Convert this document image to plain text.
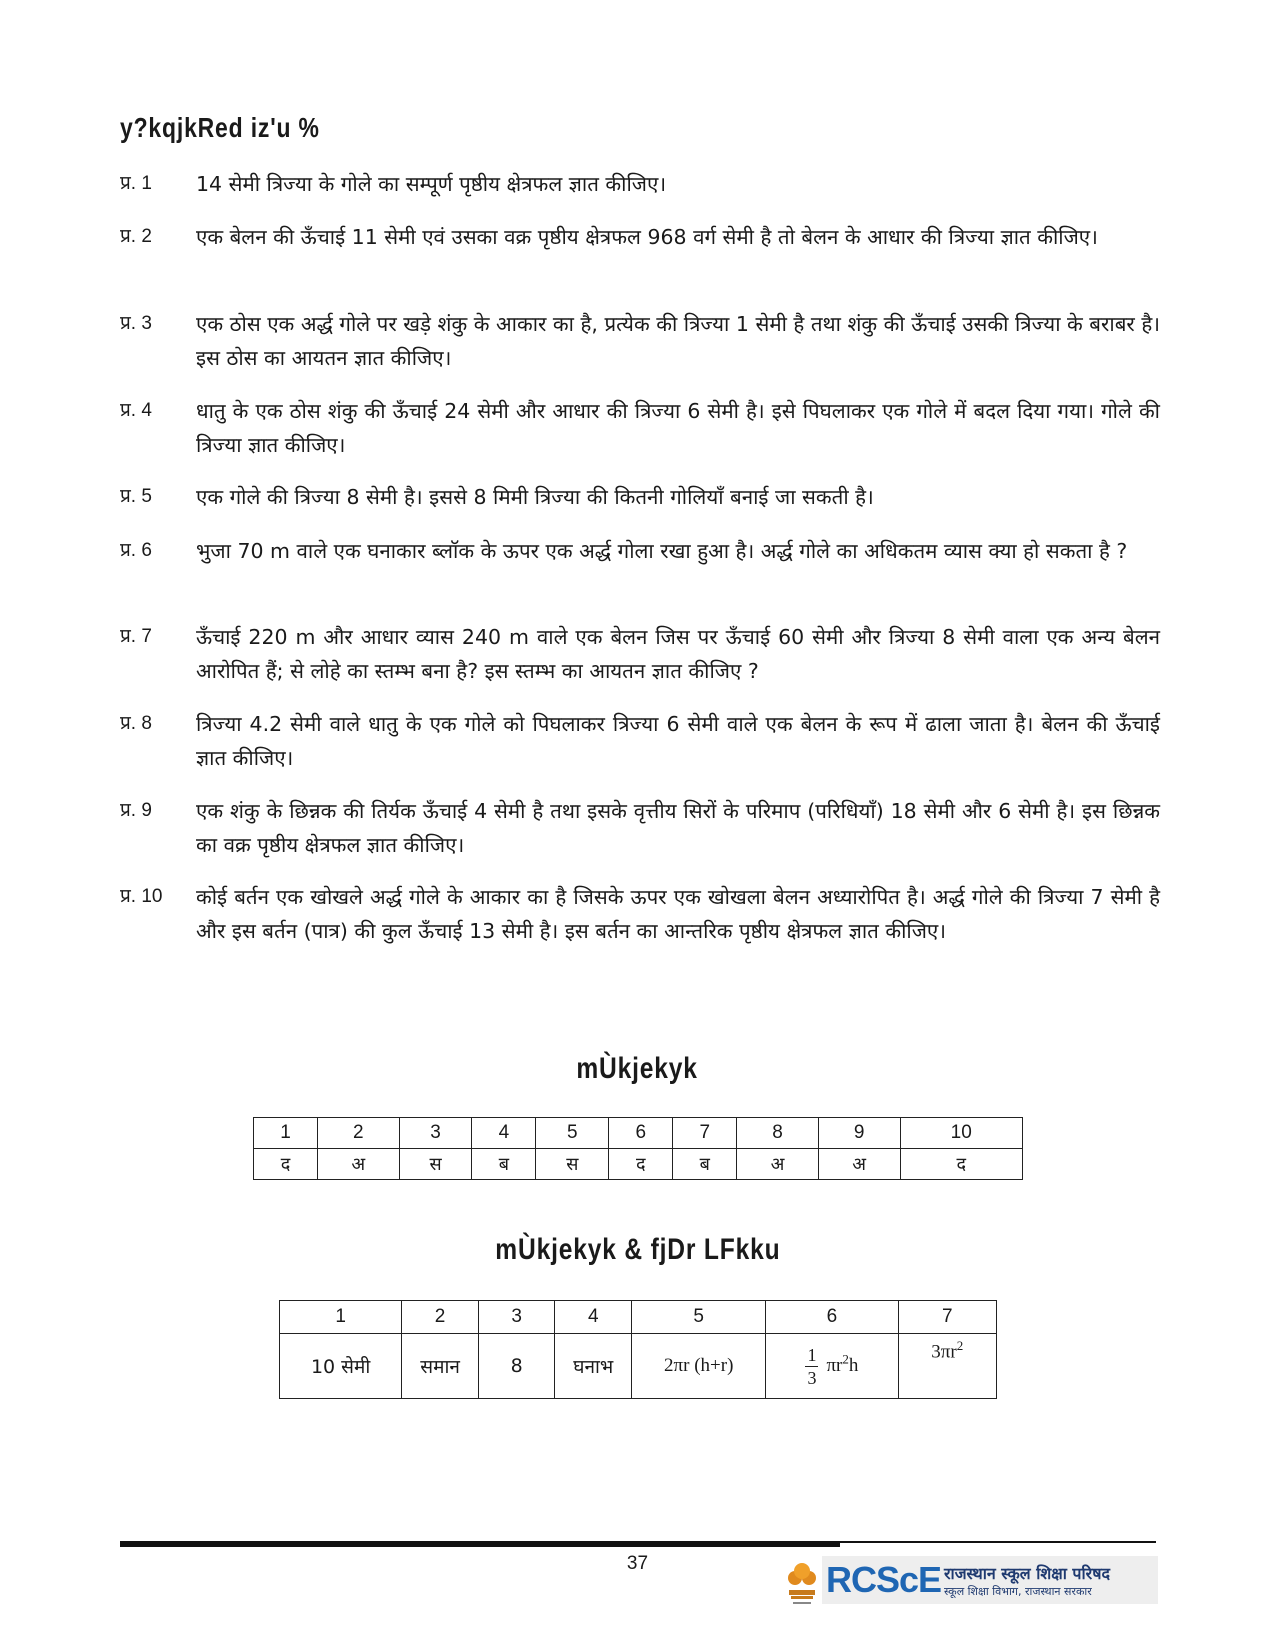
y?kqjkRed iz'u %
प्र. 1	14 सेमी त्रिज्या के गोले का सम्पूर्ण पृष्ठीय क्षेत्रफल ज्ञात कीजिए।
प्र. 2	एक बेलन की ऊँचाई 11 सेमी एवं उसका वक्र पृष्ठीय क्षेत्रफल 968 वर्ग सेमी है तो बेलन के आधार की त्रिज्या ज्ञात कीजिए।
प्र. 3	एक ठोस एक अर्द्ध गोले पर खड़े शंकु के आकार का है, प्रत्येक की त्रिज्या 1 सेमी है तथा शंकु की ऊँचाई उसकी त्रिज्या के बराबर है। इस ठोस का आयतन ज्ञात कीजिए।
प्र. 4	धातु के एक ठोस शंकु की ऊँचाई 24 सेमी और आधार की त्रिज्या 6 सेमी है। इसे पिघलाकर एक गोले में बदल दिया गया। गोले की त्रिज्या ज्ञात कीजिए।
प्र. 5	एक गोले की त्रिज्या 8 सेमी है। इससे 8 मिमी त्रिज्या की कितनी गोलियाँ बनाई जा सकती है।
प्र. 6	भुजा 70 m वाले एक घनाकार ब्लॉक के ऊपर एक अर्द्ध गोला रखा हुआ है। अर्द्ध गोले का अधिकतम व्यास क्या हो सकता है ?
प्र. 7	ऊँचाई 220 m और आधार व्यास 240 m वाले एक बेलन जिस पर ऊँचाई 60 सेमी और त्रिज्या 8 सेमी वाला एक अन्य बेलन आरोपित हैं; से लोहे का स्तम्भ बना है? इस स्तम्भ का आयतन ज्ञात कीजिए ?
प्र. 8	त्रिज्या 4.2 सेमी वाले धातु के एक गोले को पिघलाकर त्रिज्या 6 सेमी वाले एक बेलन के रूप में ढाला जाता है। बेलन की ऊँचाई ज्ञात कीजिए।
प्र. 9	एक शंकु के छिन्नक की तिर्यक ऊँचाई 4 सेमी है तथा इसके वृत्तीय सिरों के परिमाप (परिधियाँ) 18 सेमी और 6 सेमी है। इस छिन्नक का वक्र पृष्ठीय क्षेत्रफल ज्ञात कीजिए।
प्र. 10	कोई बर्तन एक खोखले अर्द्ध गोले के आकार का है जिसके ऊपर एक खोखला बेलन अध्यारोपित है। अर्द्ध गोले की त्रिज्या 7 सेमी है और इस बर्तन (पात्र) की कुल ऊँचाई 13 सेमी है। इस बर्तन का आन्तरिक पृष्ठीय क्षेत्रफल ज्ञात कीजिए।
mÙkjekyk
1	2	3	4	5	6	7	8	9	10
द	अ	स	ब	स	द	ब	अ	अ	द
mÙkjekyk & fjDr LFkku
1	2	3	4	5	6	7
10 सेमी	समान	8	घनाभ	2πr (h+r)	$\frac{1}{3} \pi r^2h$	$3\pi r^2$
37	RCScE राजस्थान स्कूल शिक्षा परिषद
स्कूल शिक्षा विभाग, राजस्थान सरकार
